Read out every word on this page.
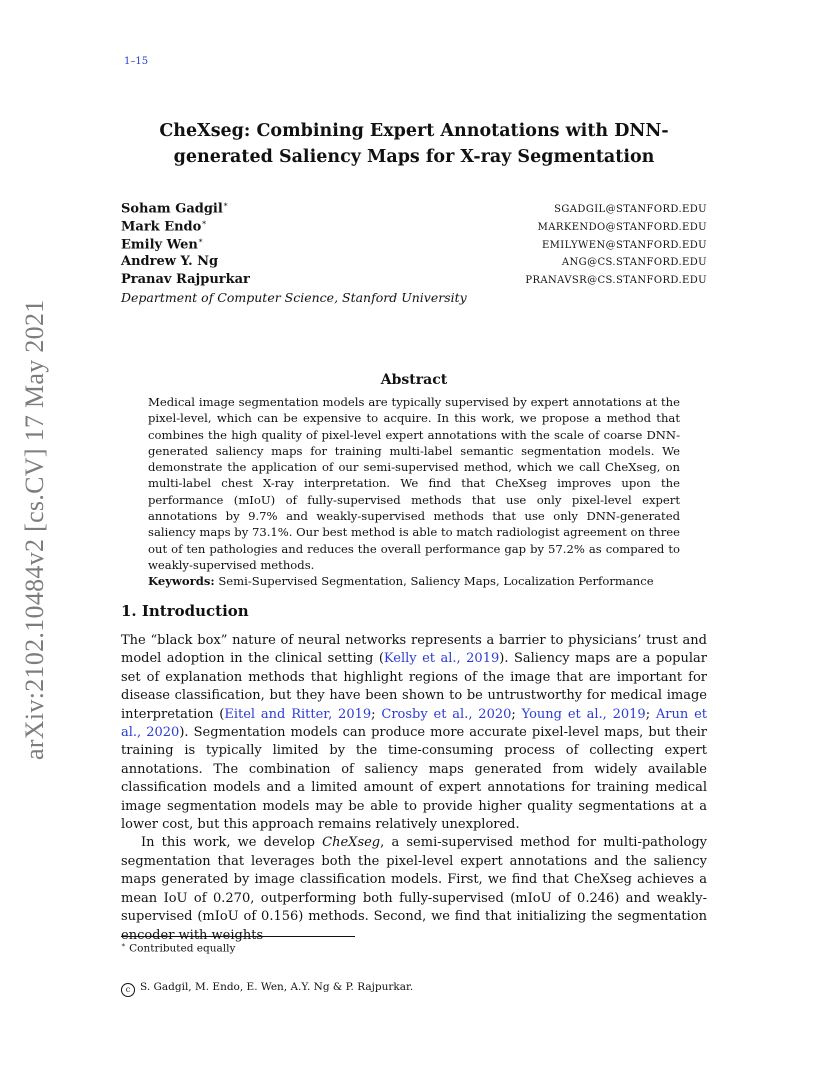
1–15
arXiv:2102.10484v2 [cs.CV] 17 May 2021
CheXseg: Combining Expert Annotations with DNN-generated Saliency Maps for X-ray Segmentation
Soham Gadgil∗	SGADGIL@STANFORD.EDU
Mark Endo∗	MARKENDO@STANFORD.EDU
Emily Wen∗	EMILYWEN@STANFORD.EDU
Andrew Y. Ng	ANG@CS.STANFORD.EDU
Pranav Rajpurkar	PRANAVSR@CS.STANFORD.EDU
Department of Computer Science, Stanford University
Abstract

Medical image segmentation models are typically supervised by expert annotations at the pixel-level, which can be expensive to acquire. In this work, we propose a method that combines the high quality of pixel-level expert annotations with the scale of coarse DNN-generated saliency maps for training multi-label semantic segmentation models. We demonstrate the application of our semi-supervised method, which we call CheXseg, on multi-label chest X-ray interpretation. We find that CheXseg improves upon the performance (mIoU) of fully-supervised methods that use only pixel-level expert annotations by 9.7% and weakly-supervised methods that use only DNN-generated saliency maps by 73.1%. Our best method is able to match radiologist agreement on three out of ten pathologies and reduces the overall performance gap by 57.2% as compared to weakly-supervised methods.

Keywords: Semi-Supervised Segmentation, Saliency Maps, Localization Performance
1. Introduction

The “black box” nature of neural networks represents a barrier to physicians’ trust and model adoption in the clinical setting (Kelly et al., 2019). Saliency maps are a popular set of explanation methods that highlight regions of the image that are important for disease classification, but they have been shown to be untrustworthy for medical image interpretation (Eitel and Ritter, 2019; Crosby et al., 2020; Young et al., 2019; Arun et al., 2020). Segmentation models can produce more accurate pixel-level maps, but their training is typically limited by the time-consuming process of collecting expert annotations. The combination of saliency maps generated from widely available classification models and a limited amount of expert annotations for training medical image segmentation models may be able to provide higher quality segmentations at a lower cost, but this approach remains relatively unexplored.

In this work, we develop CheXseg, a semi-supervised method for multi-pathology segmentation that leverages both the pixel-level expert annotations and the saliency maps generated by image classification models. First, we find that CheXseg achieves a mean IoU of 0.270, outperforming both fully-supervised (mIoU of 0.246) and weakly-supervised (mIoU of 0.156) methods. Second, we find that initializing the segmentation encoder with weights

∗ Contributed equally
c S. Gadgil, M. Endo, E. Wen, A.Y. Ng & P. Rajpurkar.
